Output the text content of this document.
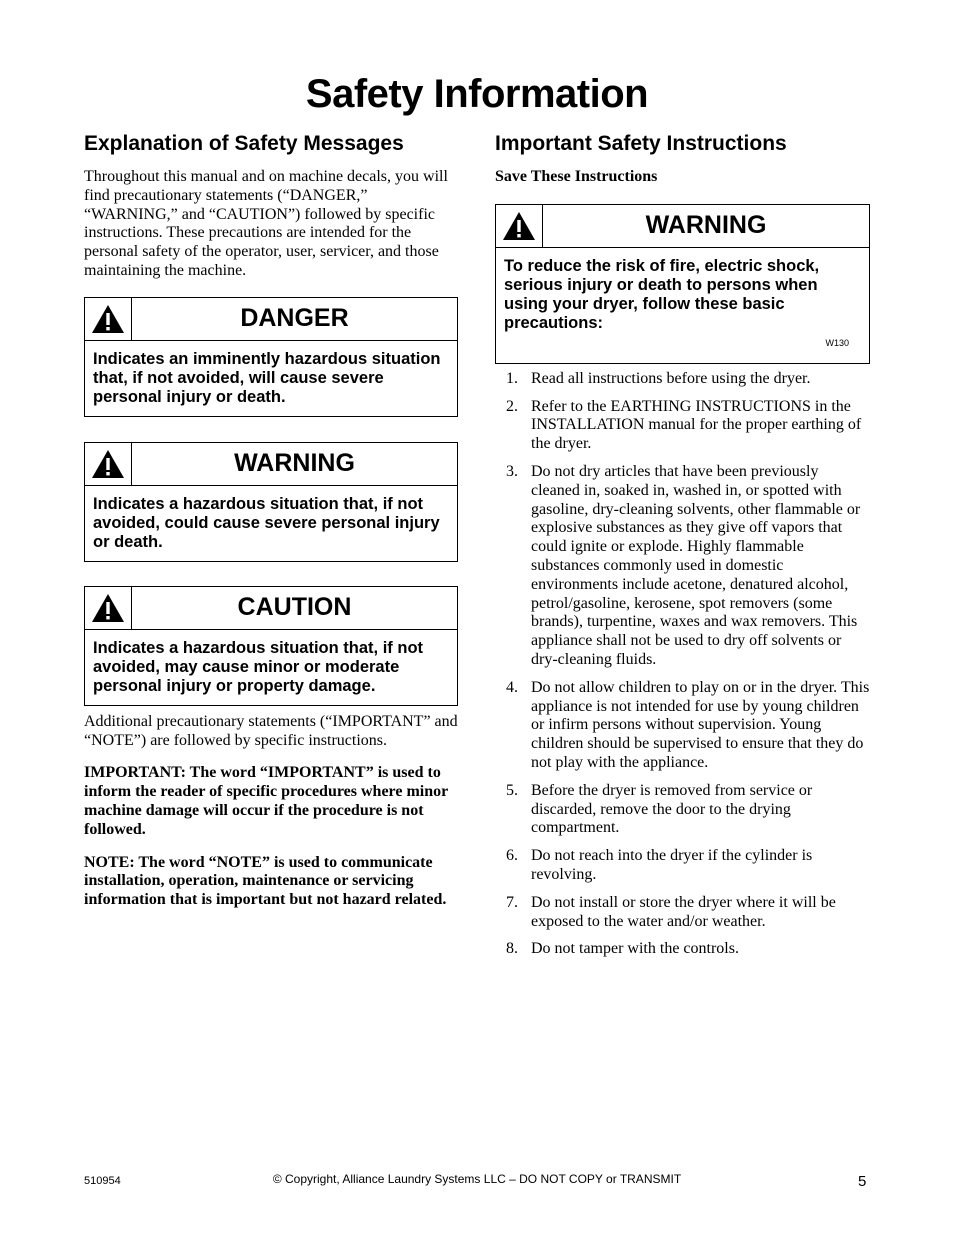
Safety Information
Explanation of Safety Messages

Throughout this manual and on machine decals, you will find precautionary statements (“DANGER,” “WARNING,” and “CAUTION”) followed by specific instructions. These precautions are intended for the personal safety of the operator, user, servicer, and those maintaining the machine.

DANGER
Indicates an imminently hazardous situation that, if not avoided, will cause severe personal injury or death.
WARNING
Indicates a hazardous situation that, if not avoided, could cause severe personal injury or death.
CAUTION
Indicates a hazardous situation that, if not avoided, may cause minor or moderate personal injury or property damage.

Additional precautionary statements (“IMPORTANT” and “NOTE”) are followed by specific instructions.

IMPORTANT: The word “IMPORTANT” is used to inform the reader of specific procedures where minor machine damage will occur if the procedure is not followed.

NOTE: The word “NOTE” is used to communicate installation, operation, maintenance or servicing information that is important but not hazard related.

Important Safety Instructions

Save These Instructions

WARNING
To reduce the risk of fire, electric shock, serious injury or death to persons when using your dryer, follow these basic precautions:
W130
1. Read all instructions before using the dryer.
2. Refer to the EARTHING INSTRUCTIONS in the INSTALLATION manual for the proper earthing of the dryer.
3. Do not dry articles that have been previously cleaned in, soaked in, washed in, or spotted with gasoline, dry-cleaning solvents, other flammable or explosive substances as they give off vapors that could ignite or explode. Highly flammable substances commonly used in domestic environments include acetone, denatured alcohol, petrol/gasoline, kerosene, spot removers (some brands), turpentine, waxes and wax removers. This appliance shall not be used to dry off solvents or dry-cleaning fluids.
4. Do not allow children to play on or in the dryer. This appliance is not intended for use by young children or infirm persons without supervision. Young children should be supervised to ensure that they do not play with the appliance.
5. Before the dryer is removed from service or discarded, remove the door to the drying compartment.
6. Do not reach into the dryer if the cylinder is revolving.
7. Do not install or store the dryer where it will be exposed to the water and/or weather.
8. Do not tamper with the controls.
510954	© Copyright, Alliance Laundry Systems LLC – DO NOT COPY or TRANSMIT	5
